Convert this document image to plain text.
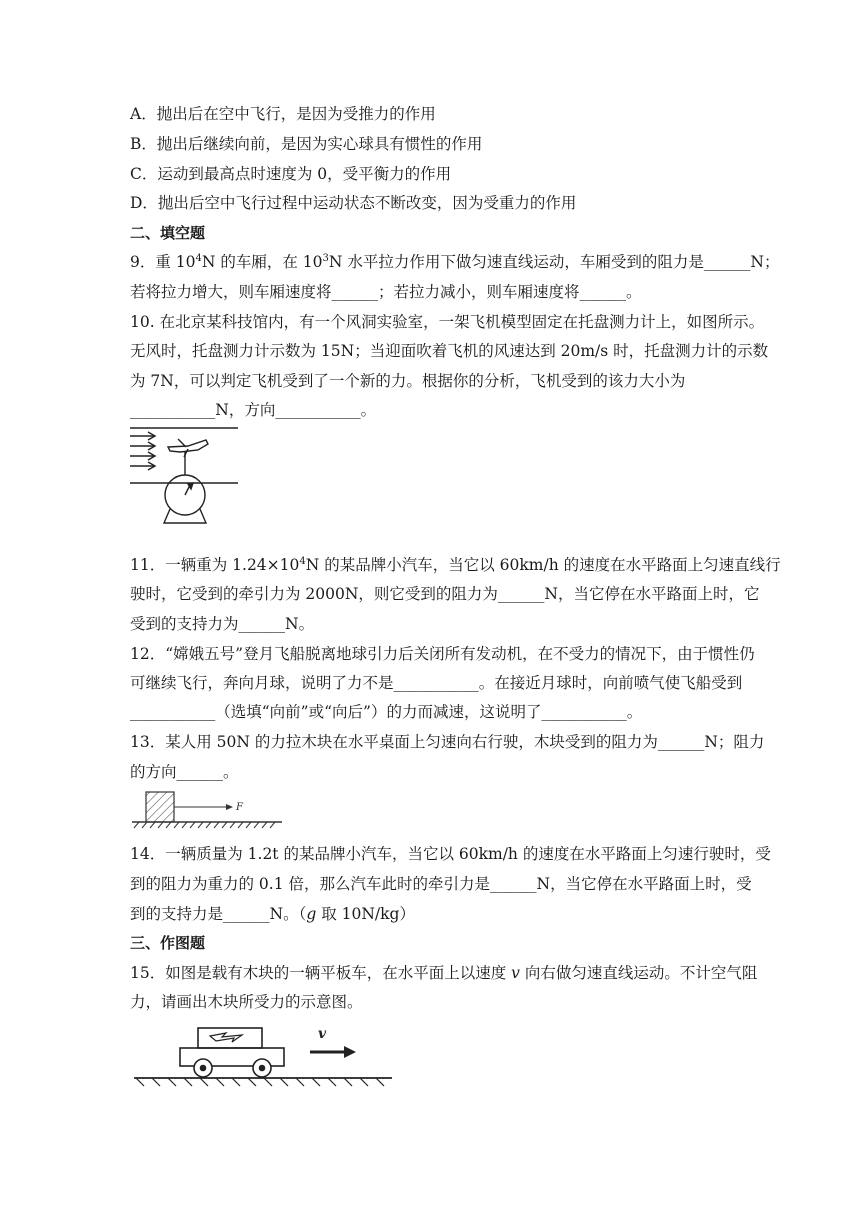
A．抛出后在空中飞行，是因为受推力的作用
B．抛出后继续向前，是因为实心球具有惯性的作用
C．运动到最高点时速度为 0，受平衡力的作用
D．抛出后空中飞行过程中运动状态不断改变，因为受重力的作用
二、填空题
9．重 $10^4N$ 的车厢，在 $10^3N$ 水平拉力作用下做匀速直线运动，车厢受到的阻力是______N；
若将拉力增大，则车厢速度将______；若拉力减小，则车厢速度将______。
10. 在北京某科技馆内，有一个风洞实验室，一架飞机模型固定在托盘测力计上，如图所示。
无风时，托盘测力计示数为 15N；当迎面吹着飞机的风速达到 20m/s 时，托盘测力计的示数
为 7N，可以判定飞机受到了一个新的力。根据你的分析，飞机受到的该力大小为
___________N，方向___________。
11．一辆重为 $1.24\times 10^4N$ 的某品牌小汽车，当它以 60km/h 的速度在水平路面上匀速直线行
驶时，它受到的牵引力为 2000N，则它受到的阻力为______N，当它停在水平路面上时，它
受到的支持力为______N。
12．“嫦娥五号”登月飞船脱离地球引力后关闭所有发动机，在不受力的情况下，由于惯性仍
可继续飞行，奔向月球，说明了力不是___________。在接近月球时，向前喷气使飞船受到
___________（选填“向前”或“向后”）的力而减速，这说明了___________。
13．某人用 50N 的力拉木块在水平桌面上匀速向右行驶，木块受到的阻力为______N；阻力
的方向______。
F
14．一辆质量为 1.2t 的某品牌小汽车，当它以 60km/h 的速度在水平路面上匀速行驶时，受
到的阻力为重力的 0.1 倍，那么汽车此时的牵引力是______N，当它停在水平路面上时，受
到的支持力是______N。（g 取 10N/kg）
三、作图题
15．如图是载有木块的一辆平板车，在水平面上以速度 v 向右做匀速直线运动。不计空气阻
力，请画出木块所受力的示意图。
v
